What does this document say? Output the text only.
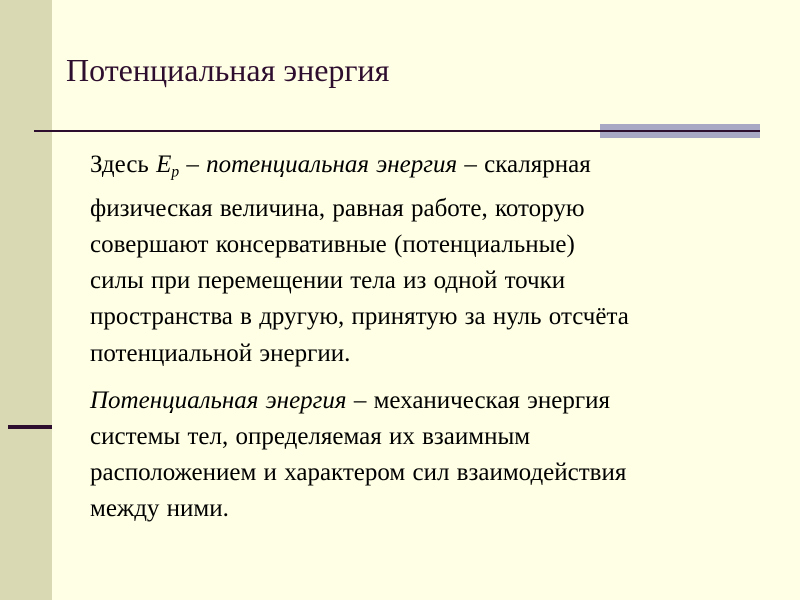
Потенциальная энергия

Здесь $E_p$ – потенциальная энергия – скалярная
физическая величина, равная работе, которую
совершают консервативные (потенциальные)
силы при перемещении тела из одной точки
пространства в другую, принятую за нуль отсчёта
потенциальной энергии.

Потенциальная энергия – механическая энергия
системы тел, определяемая их взаимным
расположением и характером сил взаимодействия
между ними.
